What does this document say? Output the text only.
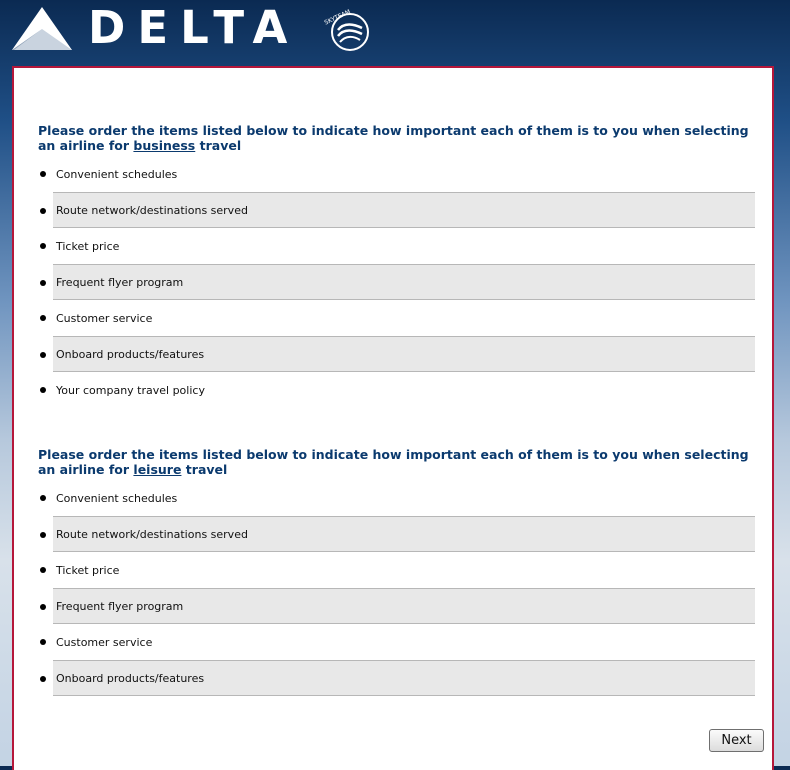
DELTA	SKYTEAM

Please order the items listed below to indicate how important each of them is to you when selecting an airline for business travel

Convenient schedules
Route network/destinations served
Ticket price
Frequent flyer program
Customer service
Onboard products/features
Your company travel policy

Please order the items listed below to indicate how important each of them is to you when selecting an airline for leisure travel

Convenient schedules
Route network/destinations served
Ticket price
Frequent flyer program
Customer service
Onboard products/features
Next
